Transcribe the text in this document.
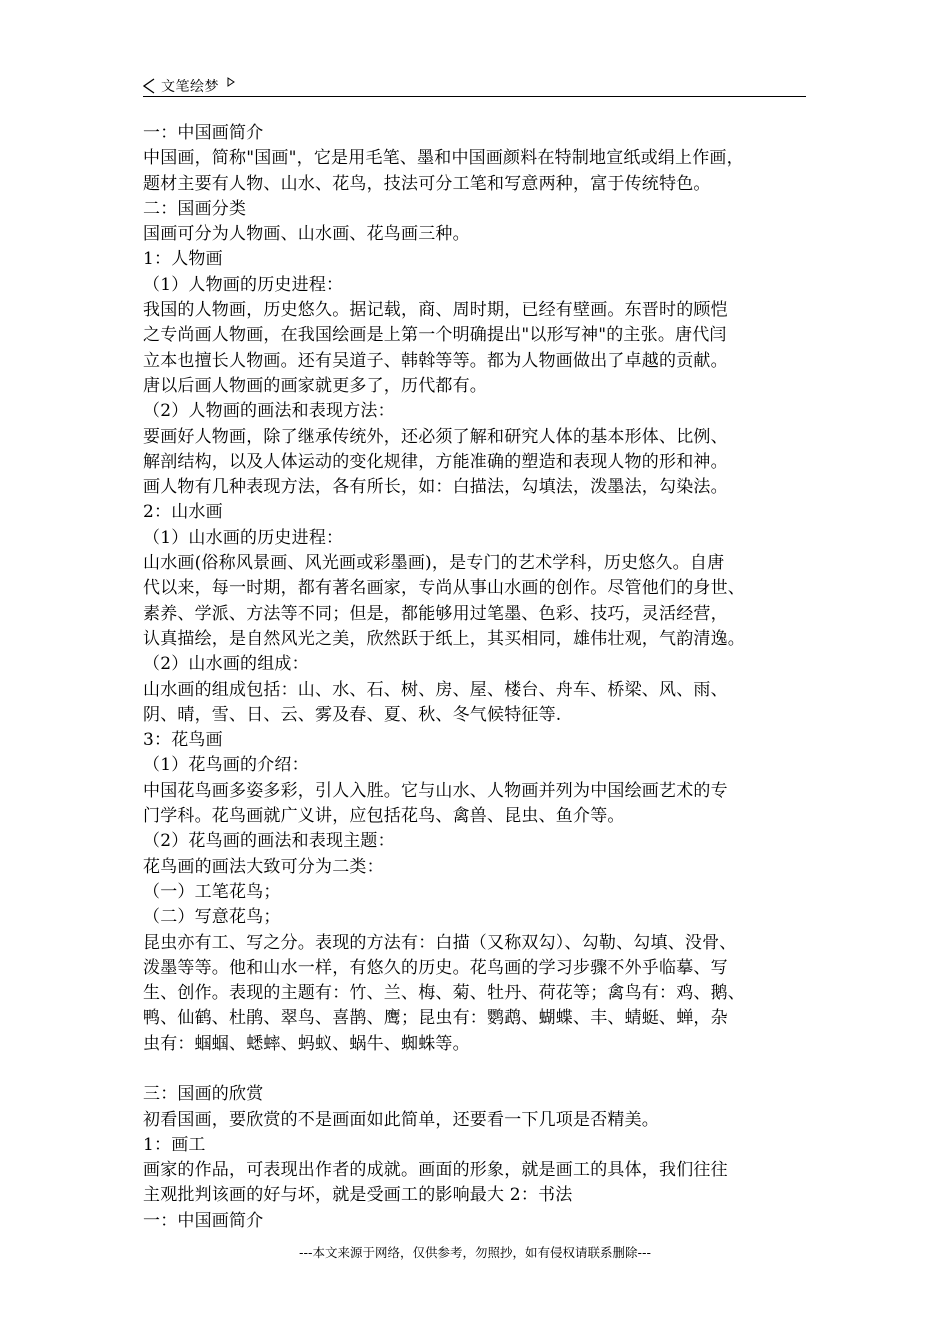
文笔绘梦
一：中国画简介
中国画，简称"国画"，它是用毛笔、墨和中国画颜料在特制地宣纸或绢上作画，
题材主要有人物、山水、花鸟，技法可分工笔和写意两种，富于传统特色。
二：国画分类
国画可分为人物画、山水画、花鸟画三种。
1：人物画
（1）人物画的历史进程：
我国的人物画，历史悠久。据记载，商、周时期，已经有壁画。东晋时的顾恺
之专尚画人物画，在我国绘画是上第一个明确提出"以形写神"的主张。唐代闫
立本也擅长人物画。还有吴道子、韩斡等等。都为人物画做出了卓越的贡献。
唐以后画人物画的画家就更多了，历代都有。
（2）人物画的画法和表现方法：
要画好人物画，除了继承传统外，还必须了解和研究人体的基本形体、比例、
解剖结构，以及人体运动的变化规律，方能准确的塑造和表现人物的形和神。
画人物有几种表现方法，各有所长，如：白描法，勾填法，泼墨法，勾染法。
2：山水画
（1）山水画的历史进程：
山水画(俗称风景画、风光画或彩墨画)，是专门的艺术学科，历史悠久。自唐
代以来，每一时期，都有著名画家，专尚从事山水画的创作。尽管他们的身世、
素养、学派、方法等不同；但是，都能够用过笔墨、色彩、技巧，灵活经营，
认真描绘，是自然风光之美，欣然跃于纸上，其买相同，雄伟壮观，气韵清逸。
（2）山水画的组成：
山水画的组成包括：山、水、石、树、房、屋、楼台、舟车、桥梁、风、雨、
阴、晴，雪、日、云、雾及春、夏、秋、冬气候特征等.
3：花鸟画
（1）花鸟画的介绍：
中国花鸟画多姿多彩，引人入胜。它与山水、人物画并列为中国绘画艺术的专
门学科。花鸟画就广义讲，应包括花鸟、禽兽、昆虫、鱼介等。
（2）花鸟画的画法和表现主题：
花鸟画的画法大致可分为二类：
（一）工笔花鸟；
（二）写意花鸟；
昆虫亦有工、写之分。表现的方法有：白描（又称双勾）、勾勒、勾填、没骨、
泼墨等等。他和山水一样，有悠久的历史。花鸟画的学习步骤不外乎临摹、写
生、创作。表现的主题有：竹、兰、梅、菊、牡丹、荷花等；禽鸟有：鸡、鹅、
鸭、仙鹤、杜鹃、翠鸟、喜鹊、鹰；昆虫有：鹦鹉、蝴蝶、丰、蜻蜓、蝉，杂
虫有：蝈蝈、蟋蟀、蚂蚁、蜗牛、蜘蛛等。
三：国画的欣赏
初看国画，要欣赏的不是画面如此简单，还要看一下几项是否精美。
1：画工
画家的作品，可表现出作者的成就。画面的形象，就是画工的具体，我们往往
主观批判该画的好与坏，就是受画工的影响最大 2：书法
一：中国画简介
---本文来源于网络，仅供参考，勿照抄，如有侵权请联系删除---
